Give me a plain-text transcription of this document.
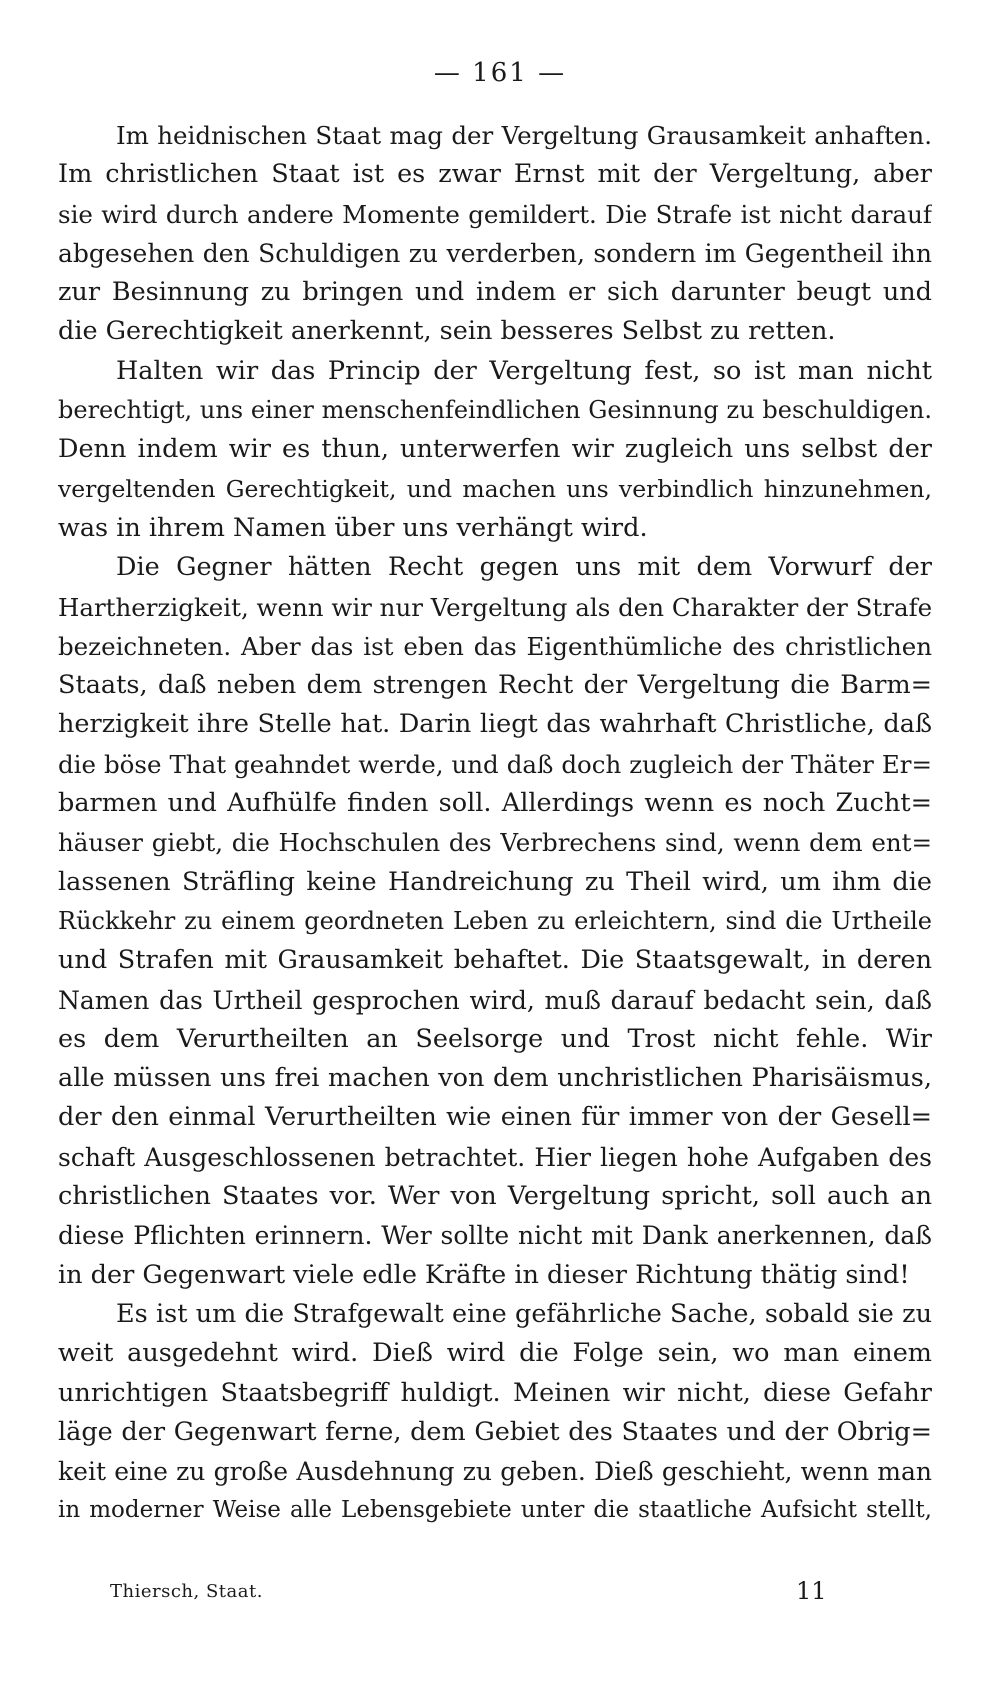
— 161 —
Im heidnischen Staat mag der Vergeltung Grausamkeit anhaften.
Im christlichen Staat ist es zwar Ernst mit der Vergeltung, aber
sie wird durch andere Momente gemildert. Die Strafe ist nicht darauf
abgesehen den Schuldigen zu verderben, sondern im Gegentheil ihn
zur Besinnung zu bringen und indem er sich darunter beugt und
die Gerechtigkeit anerkennt, sein besseres Selbst zu retten.
Halten wir das Princip der Vergeltung fest, so ist man nicht
berechtigt, uns einer menschenfeindlichen Gesinnung zu beschuldigen.
Denn indem wir es thun, unterwerfen wir zugleich uns selbst der
vergeltenden Gerechtigkeit, und machen uns verbindlich hinzunehmen,
was in ihrem Namen über uns verhängt wird.
Die Gegner hätten Recht gegen uns mit dem Vorwurf der
Hartherzigkeit, wenn wir nur Vergeltung als den Charakter der Strafe
bezeichneten. Aber das ist eben das Eigenthümliche des christlichen
Staats, daß neben dem strengen Recht der Vergeltung die Barm=
herzigkeit ihre Stelle hat. Darin liegt das wahrhaft Christliche, daß
die böse That geahndet werde, und daß doch zugleich der Thäter Er=
barmen und Aufhülfe finden soll. Allerdings wenn es noch Zucht=
häuser giebt, die Hochschulen des Verbrechens sind, wenn dem ent=
lassenen Sträfling keine Handreichung zu Theil wird, um ihm die
Rückkehr zu einem geordneten Leben zu erleichtern, sind die Urtheile
und Strafen mit Grausamkeit behaftet. Die Staatsgewalt, in deren
Namen das Urtheil gesprochen wird, muß darauf bedacht sein, daß
es dem Verurtheilten an Seelsorge und Trost nicht fehle. Wir
alle müssen uns frei machen von dem unchristlichen Pharisäismus,
der den einmal Verurtheilten wie einen für immer von der Gesell=
schaft Ausgeschlossenen betrachtet. Hier liegen hohe Aufgaben des
christlichen Staates vor. Wer von Vergeltung spricht, soll auch an
diese Pflichten erinnern. Wer sollte nicht mit Dank anerkennen, daß
in der Gegenwart viele edle Kräfte in dieser Richtung thätig sind!
Es ist um die Strafgewalt eine gefährliche Sache, sobald sie zu
weit ausgedehnt wird. Dieß wird die Folge sein, wo man einem
unrichtigen Staatsbegriff huldigt. Meinen wir nicht, diese Gefahr
läge der Gegenwart ferne, dem Gebiet des Staates und der Obrig=
keit eine zu große Ausdehnung zu geben. Dieß geschieht, wenn man
in moderner Weise alle Lebensgebiete unter die staatliche Aufsicht stellt,
Thiersch, Staat.	11
